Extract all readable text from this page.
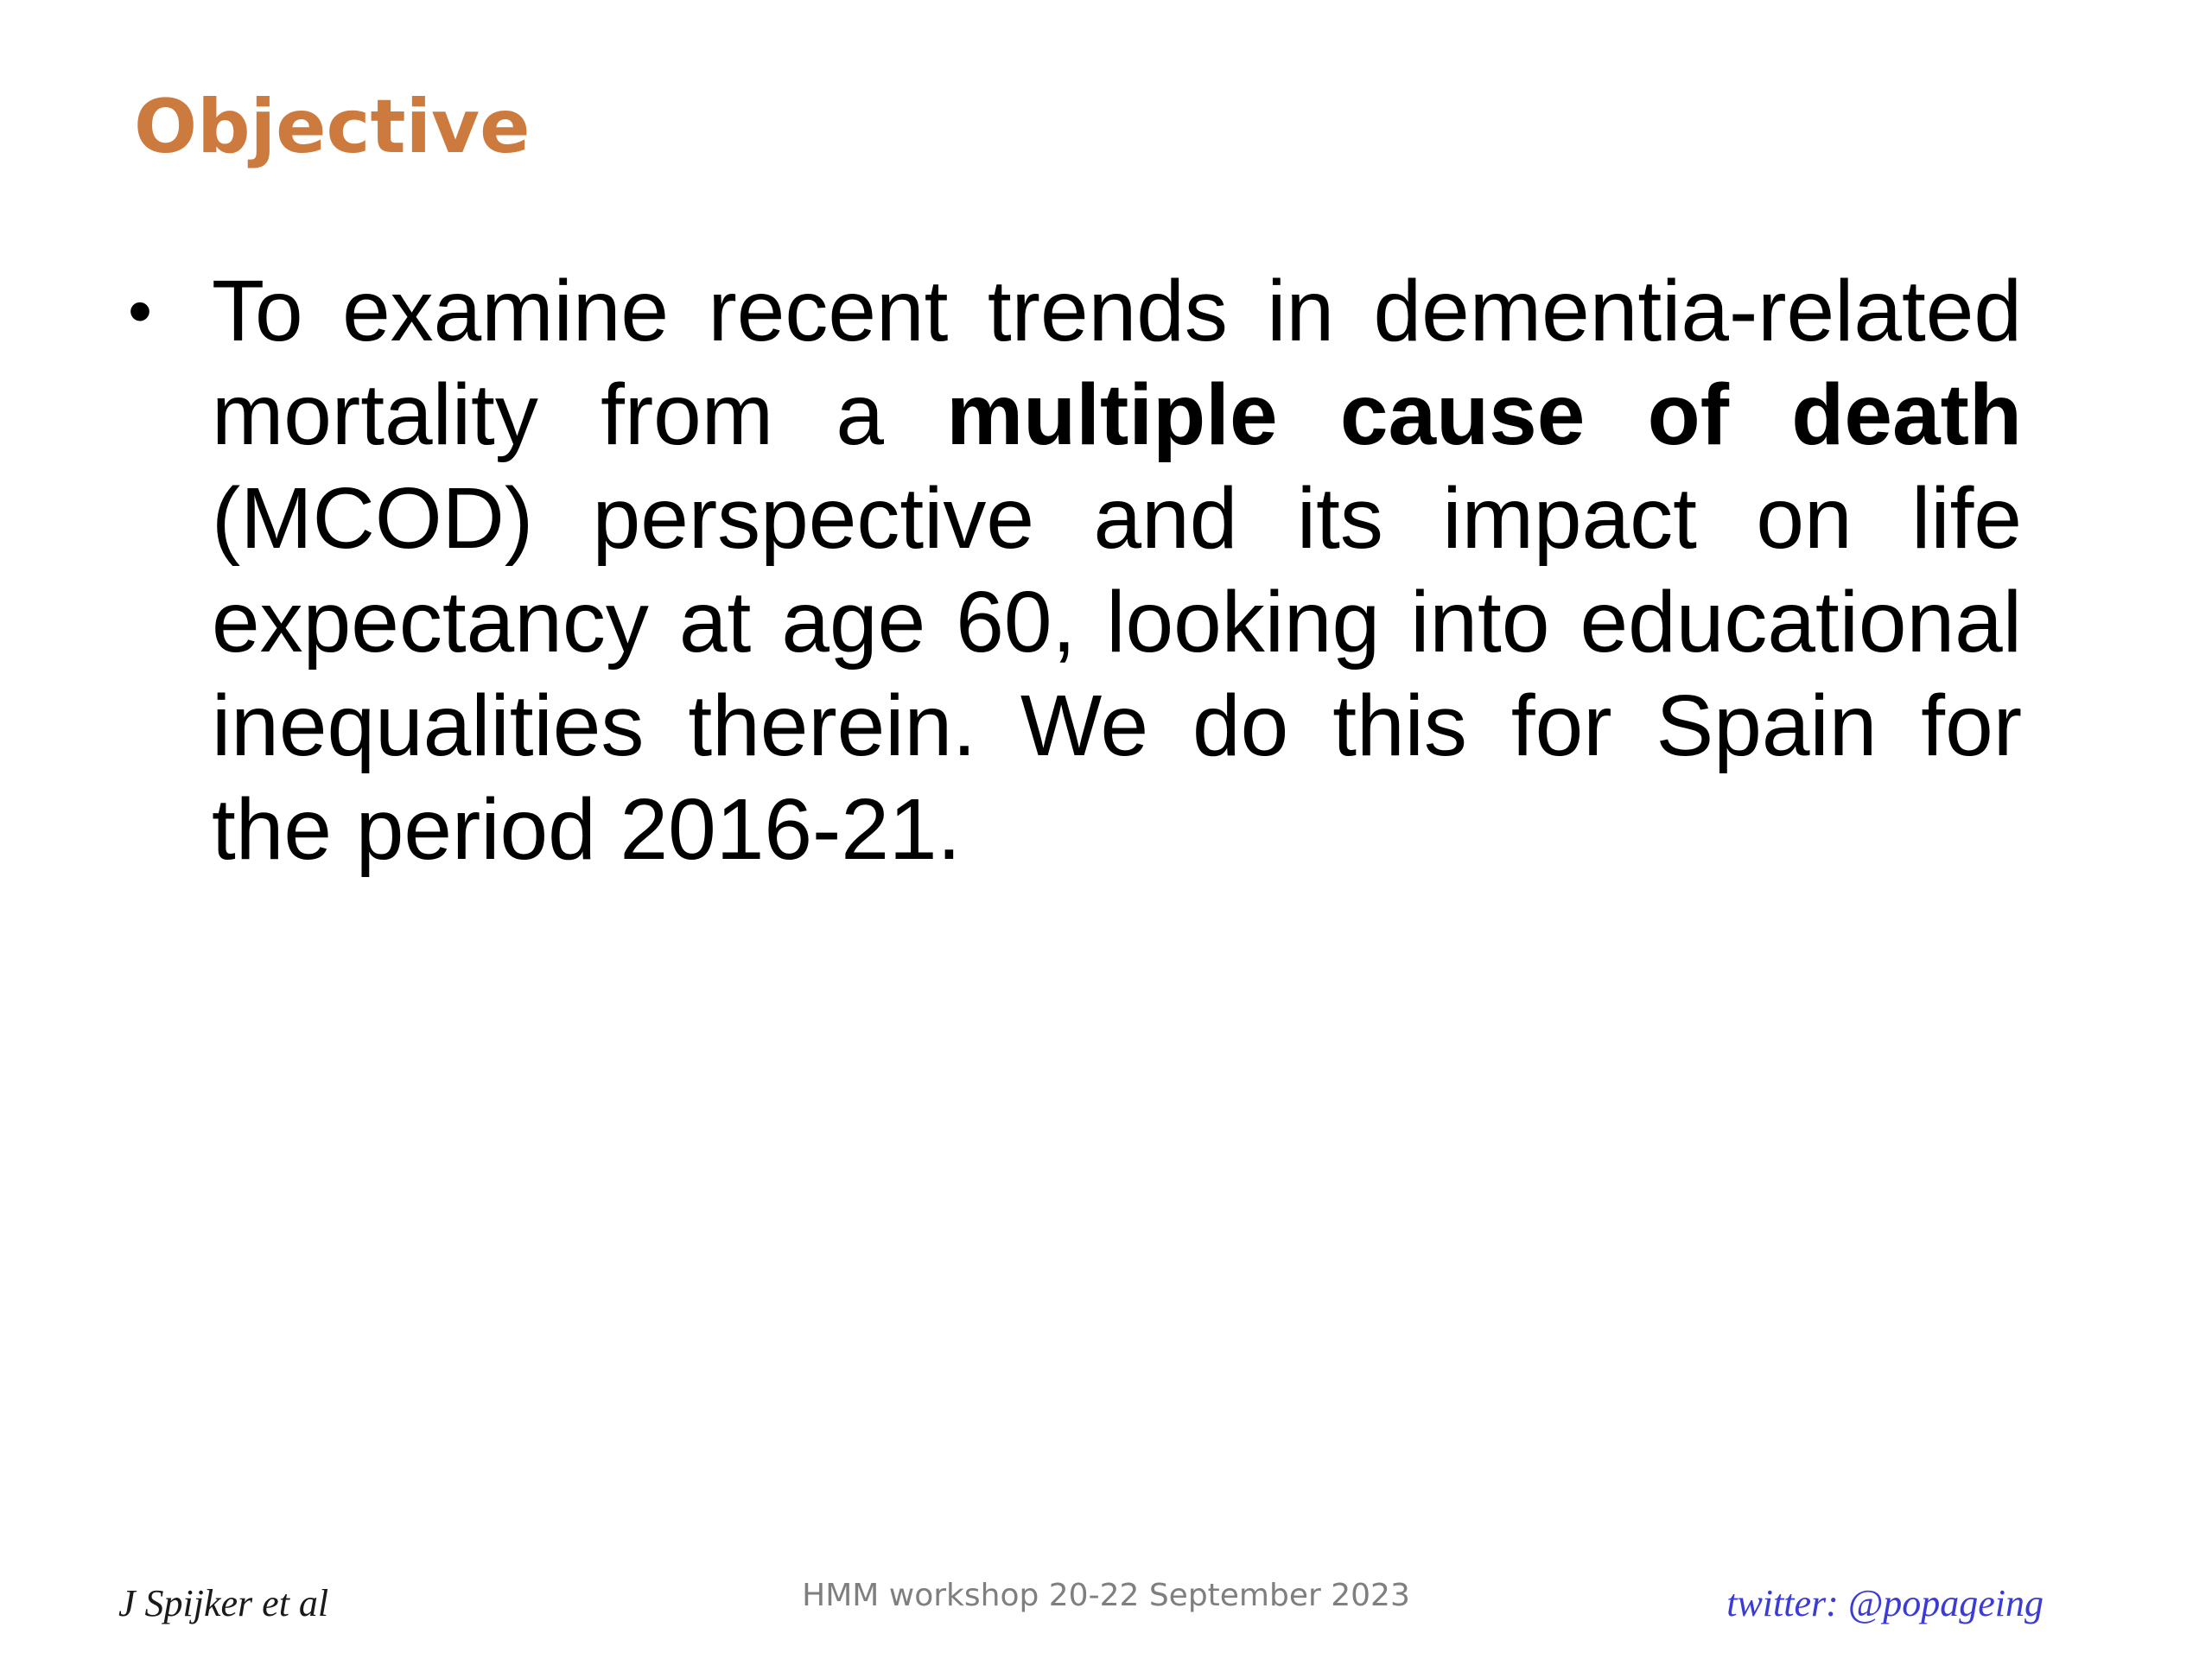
Objective
• To examine recent trends in dementia-related mortality from a multiple cause of death (MCOD) perspective and its impact on life expectancy at age 60, looking into educational inequalities therein. We do this for Spain for the period 2016-21.
J Spijker et al	HMM workshop 20-22 September 2023	twitter: @popageing
